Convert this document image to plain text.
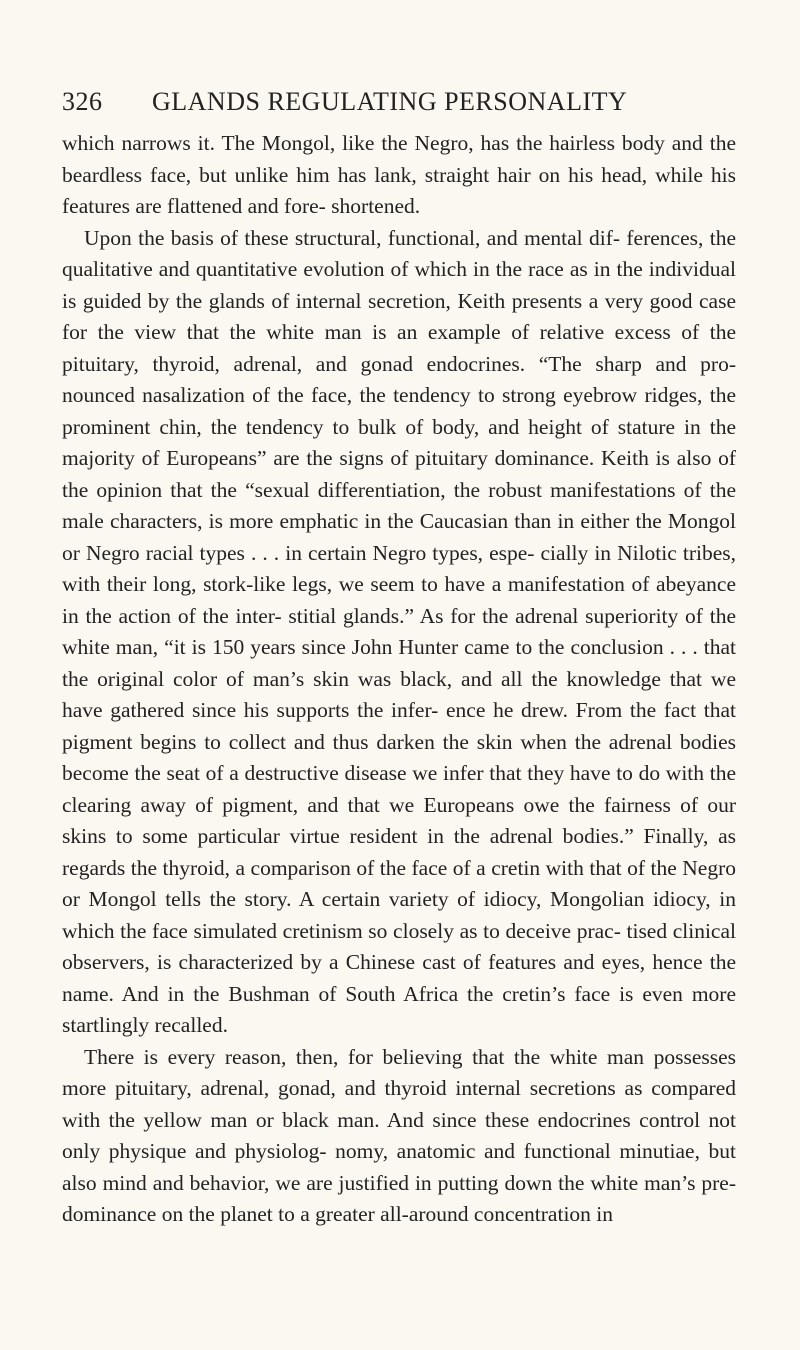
326 GLANDS REGULATING PERSONALITY

which narrows it. The Mongol, like the Negro, has the hairless body and the beardless face, but unlike him has lank, straight hair on his head, while his features are flattened and fore- shortened.

Upon the basis of these structural, functional, and mental dif- ferences, the qualitative and quantitative evolution of which in the race as in the individual is guided by the glands of internal secretion, Keith presents a very good case for the view that the white man is an example of relative excess of the pituitary, thyroid, adrenal, and gonad endocrines. “The sharp and pro- nounced nasalization of the face, the tendency to strong eyebrow ridges, the prominent chin, the tendency to bulk of body, and height of stature in the majority of Europeans” are the signs of pituitary dominance. Keith is also of the opinion that the “sexual differentiation, the robust manifestations of the male characters, is more emphatic in the Caucasian than in either the Mongol or Negro racial types . . . in certain Negro types, espe- cially in Nilotic tribes, with their long, stork-like legs, we seem to have a manifestation of abeyance in the action of the inter- stitial glands.” As for the adrenal superiority of the white man, “it is 150 years since John Hunter came to the conclusion . . . that the original color of man’s skin was black, and all the knowledge that we have gathered since his supports the infer- ence he drew. From the fact that pigment begins to collect and thus darken the skin when the adrenal bodies become the seat of a destructive disease we infer that they have to do with the clearing away of pigment, and that we Europeans owe the fairness of our skins to some particular virtue resident in the adrenal bodies.” Finally, as regards the thyroid, a comparison of the face of a cretin with that of the Negro or Mongol tells the story. A certain variety of idiocy, Mongolian idiocy, in which the face simulated cretinism so closely as to deceive prac- tised clinical observers, is characterized by a Chinese cast of features and eyes, hence the name. And in the Bushman of South Africa the cretin’s face is even more startlingly recalled.

There is every reason, then, for believing that the white man possesses more pituitary, adrenal, gonad, and thyroid internal secretions as compared with the yellow man or black man. And since these endocrines control not only physique and physiolog- nomy, anatomic and functional minutiae, but also mind and behavior, we are justified in putting down the white man’s pre- dominance on the planet to a greater all-around concentration in
